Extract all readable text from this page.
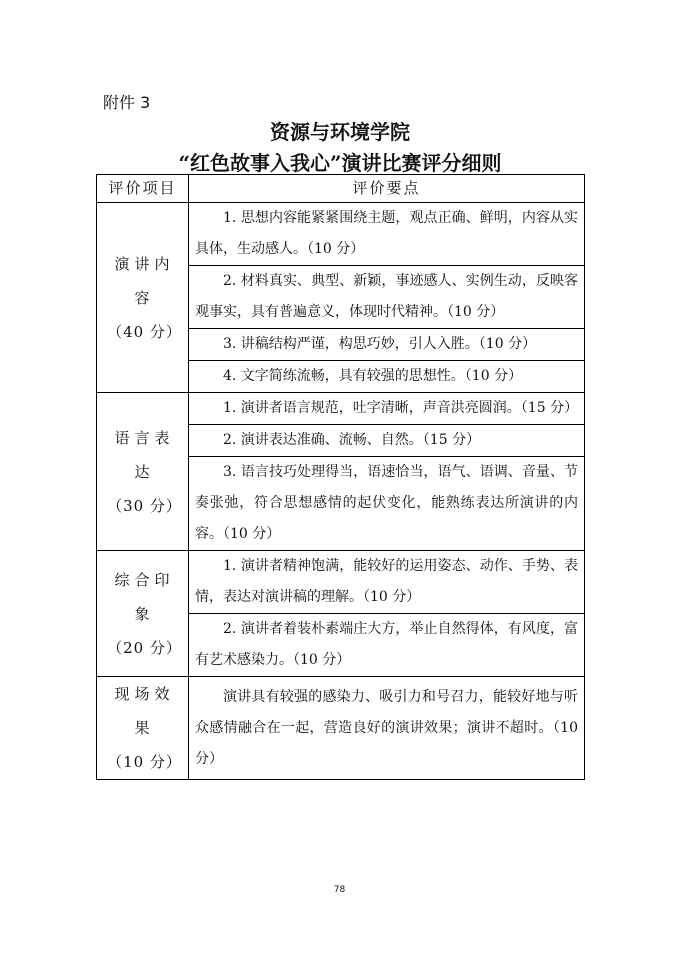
附件 3
资源与环境学院
“红色故事入我心”演讲比赛评分细则
评价项目	评价要点

演讲内容
（40 分）	1. 思想内容能紧紧围绕主题，观点正确、鲜明，内容从实具体，生动感人。（10 分）
	2. 材料真实、典型、新颖，事迹感人、实例生动，反映客观事实，具有普遍意义，体现时代精神。（10 分）
	3. 讲稿结构严谨，构思巧妙，引人入胜。（10 分）
	4. 文字简练流畅，具有较强的思想性。（10 分）

语言表达
（30 分）	1. 演讲者语言规范，吐字清晰，声音洪亮圆润。（15 分）
	2. 演讲表达准确、流畅、自然。（15 分）
	3. 语言技巧处理得当，语速恰当，语气、语调、音量、节奏张弛，符合思想感情的起伏变化，能熟练表达所演讲的内容。（10 分）

综合印象
（20 分）	1. 演讲者精神饱满，能较好的运用姿态、动作、手势、表情，表达对演讲稿的理解。（10 分）
	2. 演讲者着装朴素端庄大方，举止自然得体，有风度，富有艺术感染力。（10 分）

现场效果
（10 分）	演讲具有较强的感染力、吸引力和号召力，能较好地与听众感情融合在一起，营造良好的演讲效果；演讲不超时。（10 分）
78
